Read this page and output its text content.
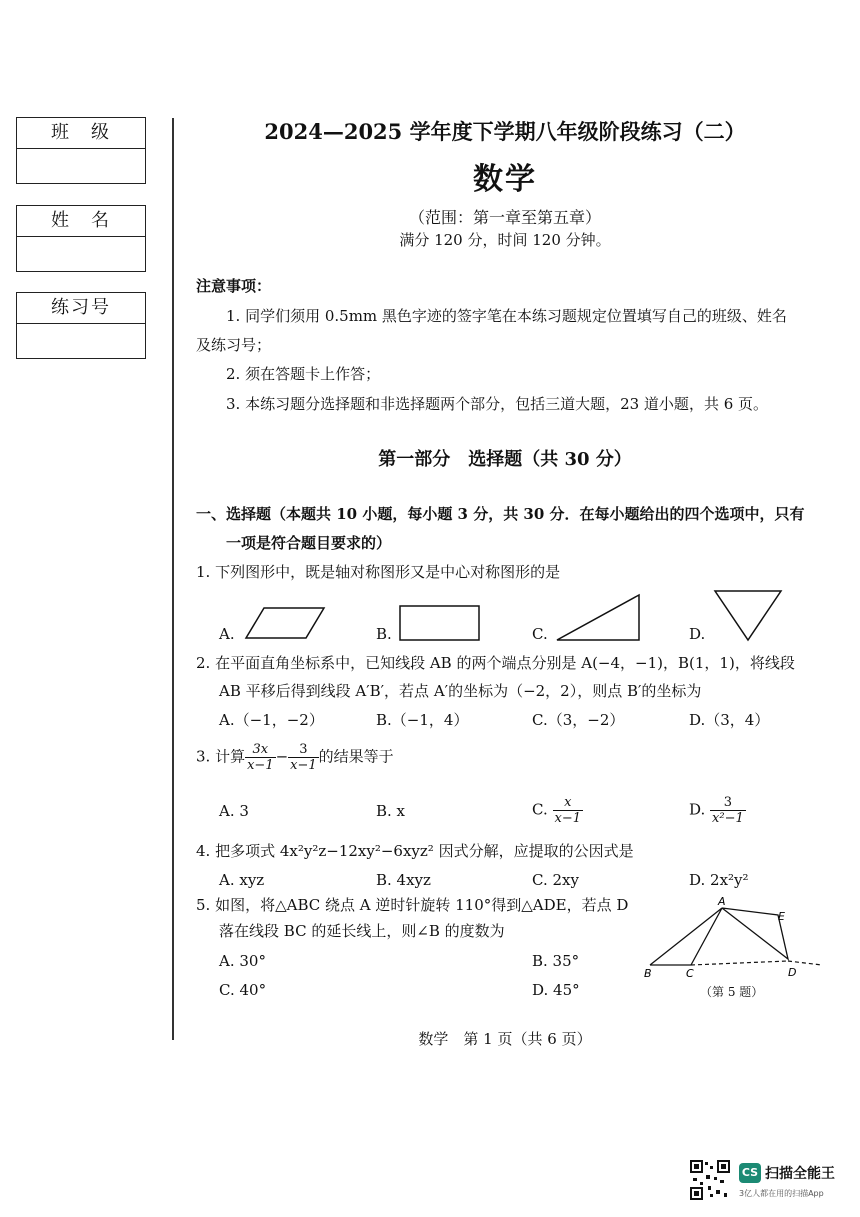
班　级
姓　名
练习号
2024—2025 学年度下学期八年级阶段练习（二）
数学
（范围：第一章至第五章）
满分 120 分，时间 120 分钟。
注意事项：
1. 同学们须用 0.5mm 黑色字迹的签字笔在本练习题规定位置填写自己的班级、姓名
及练习号；
2. 须在答题卡上作答；
3. 本练习题分选择题和非选择题两个部分，包括三道大题，23 道小题，共 6 页。
第一部分　选择题（共 30 分）
一、选择题（本题共 10 小题，每小题 3 分，共 30 分．在每小题给出的四个选项中，只有
一项是符合题目要求的）
1. 下列图形中，既是轴对称图形又是中心对称图形的是
A.	B.	C.	D.
2. 在平面直角坐标系中，已知线段 AB 的两个端点分别是 A(−4，−1)，B(1，1)，将线段
AB 平移后得到线段 A′B′，若点 A′的坐标为（−2，2），则点 B′的坐标为
A.（−1，−2）	B.（−1，4）	C.（3，−2）	D.（3，4）
3. 计算 $\frac{3x}{x-1} - \frac{3}{x-1}$ 的结果等于
A. 3	B. x	C. $\frac{x}{x-1}$	D. $\frac{3}{\text{x²−1}}$
4. 把多项式 4x²y²z−12xy²−6xyz² 因式分解，应提取的公因式是
A. xyz	B. 4xyz	C. 2xy	D. 2x²y²
5. 如图，将△ABC 绕点 A 逆时针旋转 110°得到△ADE，若点 D
落在线段 BC 的延长线上，则∠B 的度数为
A. 30°	B. 35°
C. 40°	D. 45°
A
E
B	C	D
（第 5 题）
数学　第 1 页（共 6 页）
CS 扫描全能王
3亿人都在用的扫描App
